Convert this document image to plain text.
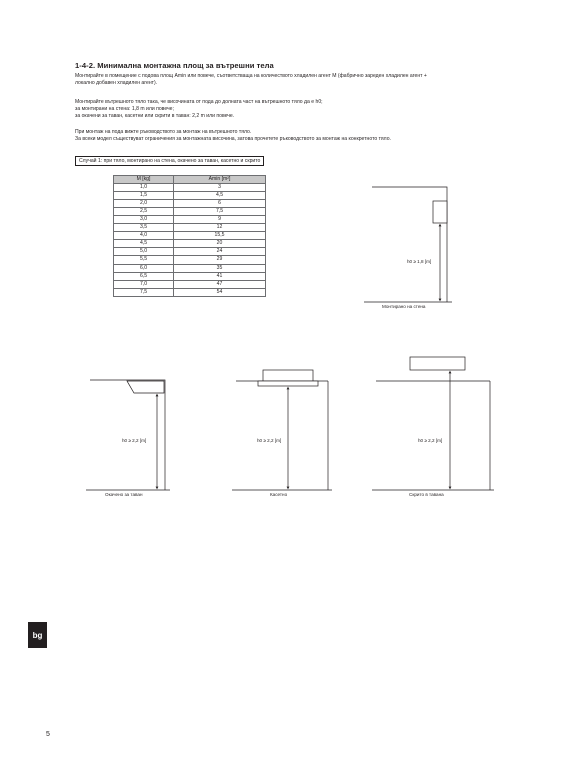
1-4-2. Минимална монтажна площ за вътрешни тела
Монтирайте в помещение с подова площ Amin или повече, съответстваща на количеството хладилен агент М (фабрично зареден хладилен агент +
локално добавен хладилен агент).
Монтирайте вътрешното тяло така, че височината от пода до долната част на вътрешното тяло да е h0;
за монтирани на стена: 1,8 m или повече;
за окачени за таван, касетни или скрити в таван: 2,2 m или повече.
При монтаж на пода вижте ръководството за монтаж на вътрешното тяло.
За всеки модел съществуват ограничения за монтажната височина, затова прочетете ръководството за монтаж на конкретното тяло.
Случай 1: при тяло, монтирано на стена, окачено за таван, касетно и скрито
M [kg]	Amin [m²]
1,0	3
1,5	4,5
2,0	6
2,5	7,5
3,0	9
3,5	12
4,0	15,5
4,5	20
5,0	24
5,5	29
6,0	35
6,5	41
7,0	47
7,5	54
h0 ≥ 1,8 [m]
Монтирано на стена
h0 ≥ 2,2 [m]
Окачено за таван
h0 ≥ 2,2 [m]
Касетно
h0 ≥ 2,2 [m]
Скрито в тавана
bg
5
